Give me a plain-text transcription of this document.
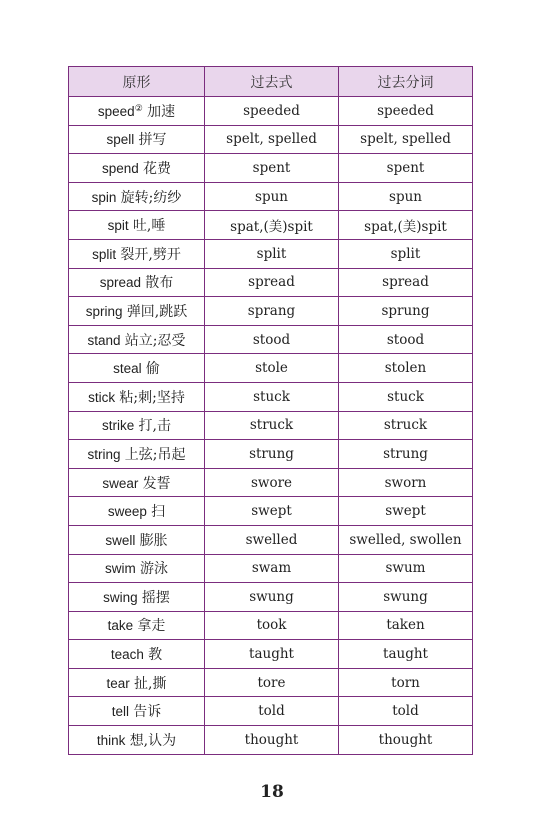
原形	过去式	过去分词
speed② 加速	speeded	speeded
spell 拼写	spelt, spelled	spelt, spelled
spend 花费	spent	spent
spin 旋转;纺纱	spun	spun
spit 吐,唾	spat,(美)spit	spat,(美)spit
split 裂开,劈开	split	split
spread 散布	spread	spread
spring 弹回,跳跃	sprang	sprung
stand 站立;忍受	stood	stood
steal 偷	stole	stolen
stick 粘;刺;坚持	stuck	stuck
strike 打,击	struck	struck
string 上弦;吊起	strung	strung
swear 发誓	swore	sworn
sweep 扫	swept	swept
swell 膨胀	swelled	swelled, swollen
swim 游泳	swam	swum
swing 摇摆	swung	swung
take 拿走	took	taken
teach 教	taught	taught
tear 扯,撕	tore	torn
tell 告诉	told	told
think 想,认为	thought	thought
18
